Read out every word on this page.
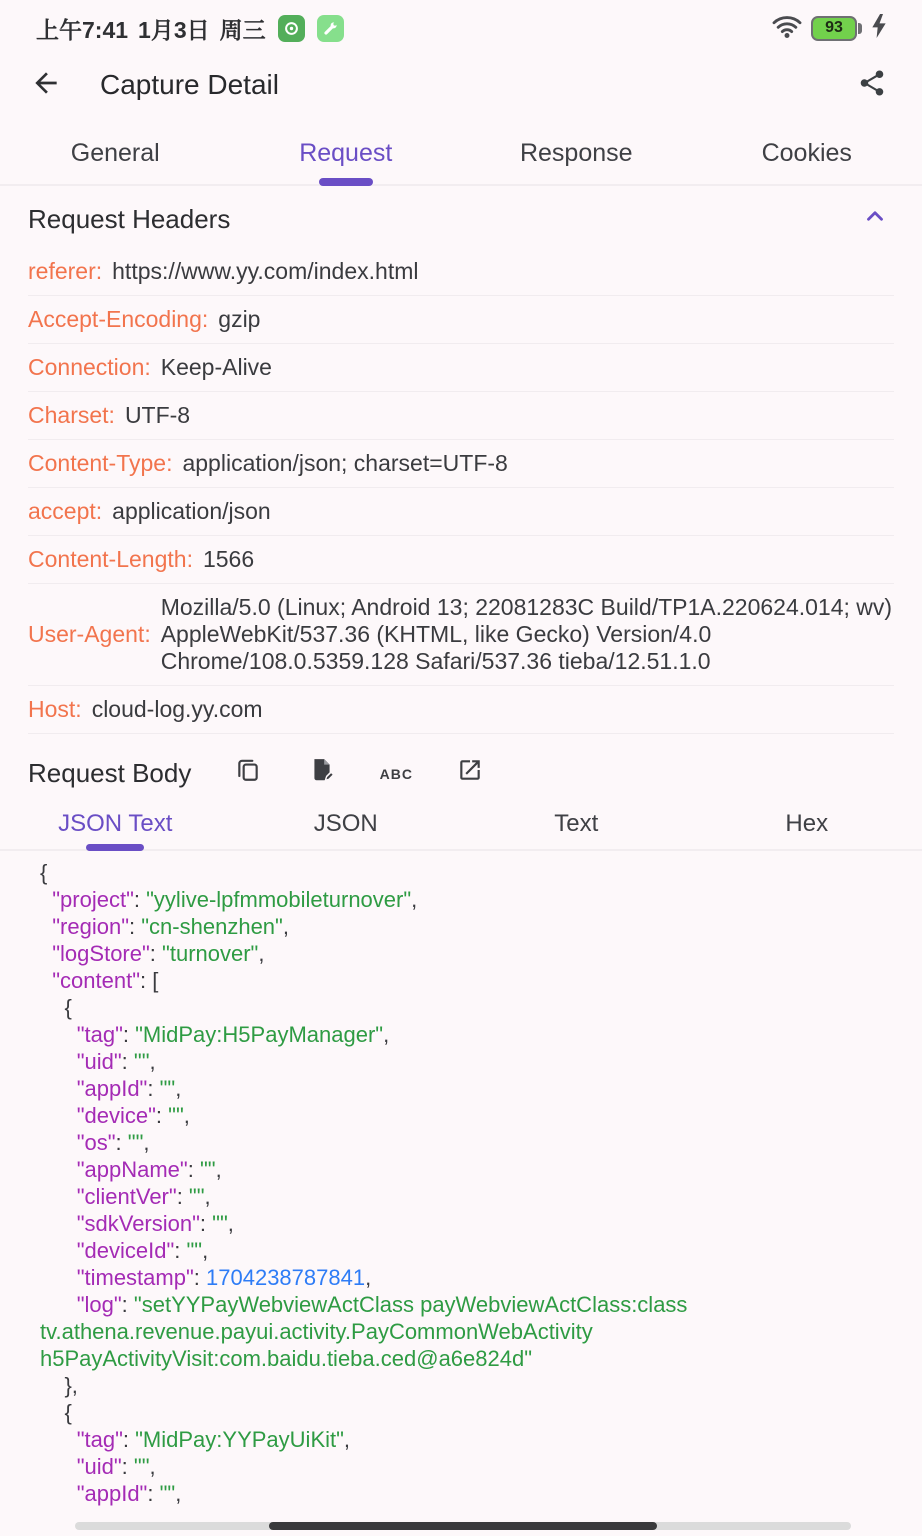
上午7:41 1月3日 周三	93
Capture Detail
General	Request	Response	Cookies
Request Headers
referer: https://www.yy.com/index.html
Accept-Encoding: gzip
Connection: Keep-Alive
Charset: UTF-8
Content-Type: application/json; charset=UTF-8
accept: application/json
Content-Length: 1566
User-Agent:
Mozilla/5.0 (Linux; Android 13; 22081283C Build/TP1A.220624.014; wv) AppleWebKit/537.36 (KHTML, like Gecko) Version/4.0 Chrome/108.0.5359.128 Safari/537.36 tieba/12.51.1.0
Host: cloud-log.yy.com
Request Body	ABC
JSON Text	JSON	Text	Hex
{
"project": "yylive-lpfmmobileturnover",
"region": "cn-shenzhen",
"logStore": "turnover",
"content": [
{
"tag": "MidPay:H5PayManager",
"uid": "",
"appId": "",
"device": "",
"os": "",
"appName": "",
"clientVer": "",
"sdkVersion": "",
"deviceId": "",
"timestamp": 1704238787841,
"log": "setYYPayWebviewActClass payWebviewActClass:class tv.athena.revenue.payui.activity.PayCommonWebActivity h5PayActivityVisit:com.baidu.tieba.ced@a6e824d"
},
{
"tag": "MidPay:YYPayUiKit",
"uid": "",
"appId": "",
